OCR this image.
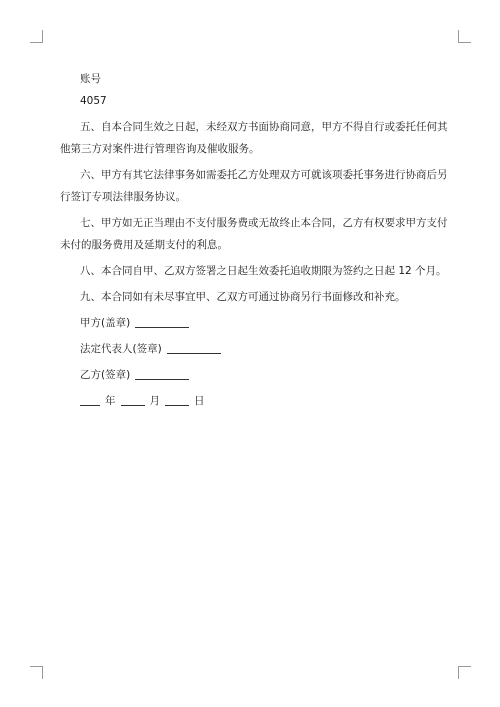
账号
4057
五、自本合同生效之日起，未经双方书面协商同意，甲方不得自行或委托任何其
他第三方对案件进行管理咨询及催收服务。
六、甲方有其它法律事务如需委托乙方处理双方可就该项委托事务进行协商后另
行签订专项法律服务协议。
七、甲方如无正当理由不支付服务费或无故终止本合同，乙方有权要求甲方支付
未付的服务费用及延期支付的利息。
八、本合同自甲、乙双方签署之日起生效委托追收期限为签约之日起 12 个月。
九、本合同如有未尽事宜甲、乙双方可通过协商另行书面修改和补充。
甲方(盖章)
法定代表人(签章)
乙方(签章)
年	月	日
